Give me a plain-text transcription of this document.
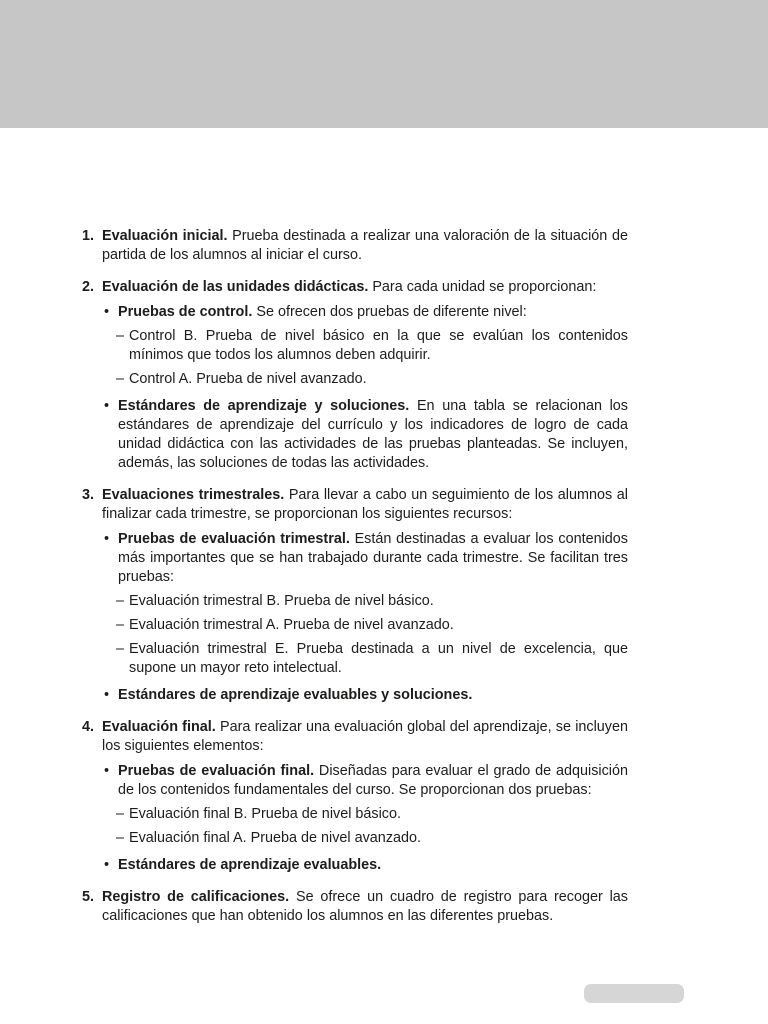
1. Evaluación inicial. Prueba destinada a realizar una valoración de la situación de partida de los alumnos al iniciar el curso.
2. Evaluación de las unidades didácticas. Para cada unidad se proporcionan:
• Pruebas de control. Se ofrecen dos pruebas de diferente nivel:
– Control B. Prueba de nivel básico en la que se evalúan los contenidos mínimos que todos los alumnos deben adquirir.
– Control A. Prueba de nivel avanzado.
• Estándares de aprendizaje y soluciones. En una tabla se relacionan los estándares de aprendizaje del currículo y los indicadores de logro de cada unidad didáctica con las actividades de las pruebas planteadas. Se incluyen, además, las soluciones de todas las actividades.
3. Evaluaciones trimestrales. Para llevar a cabo un seguimiento de los alumnos al finalizar cada trimestre, se proporcionan los siguientes recursos:
• Pruebas de evaluación trimestral. Están destinadas a evaluar los contenidos más importantes que se han trabajado durante cada trimestre. Se facilitan tres pruebas:
– Evaluación trimestral B. Prueba de nivel básico.
– Evaluación trimestral A. Prueba de nivel avanzado.
– Evaluación trimestral E. Prueba destinada a un nivel de excelencia, que supone un mayor reto intelectual.
• Estándares de aprendizaje evaluables y soluciones.
4. Evaluación final. Para realizar una evaluación global del aprendizaje, se incluyen los siguientes elementos:
• Pruebas de evaluación final. Diseñadas para evaluar el grado de adquisición de los contenidos fundamentales del curso. Se proporcionan dos pruebas:
– Evaluación final B. Prueba de nivel básico.
– Evaluación final A. Prueba de nivel avanzado.
• Estándares de aprendizaje evaluables.
5. Registro de calificaciones. Se ofrece un cuadro de registro para recoger las calificaciones que han obtenido los alumnos en las diferentes pruebas.
